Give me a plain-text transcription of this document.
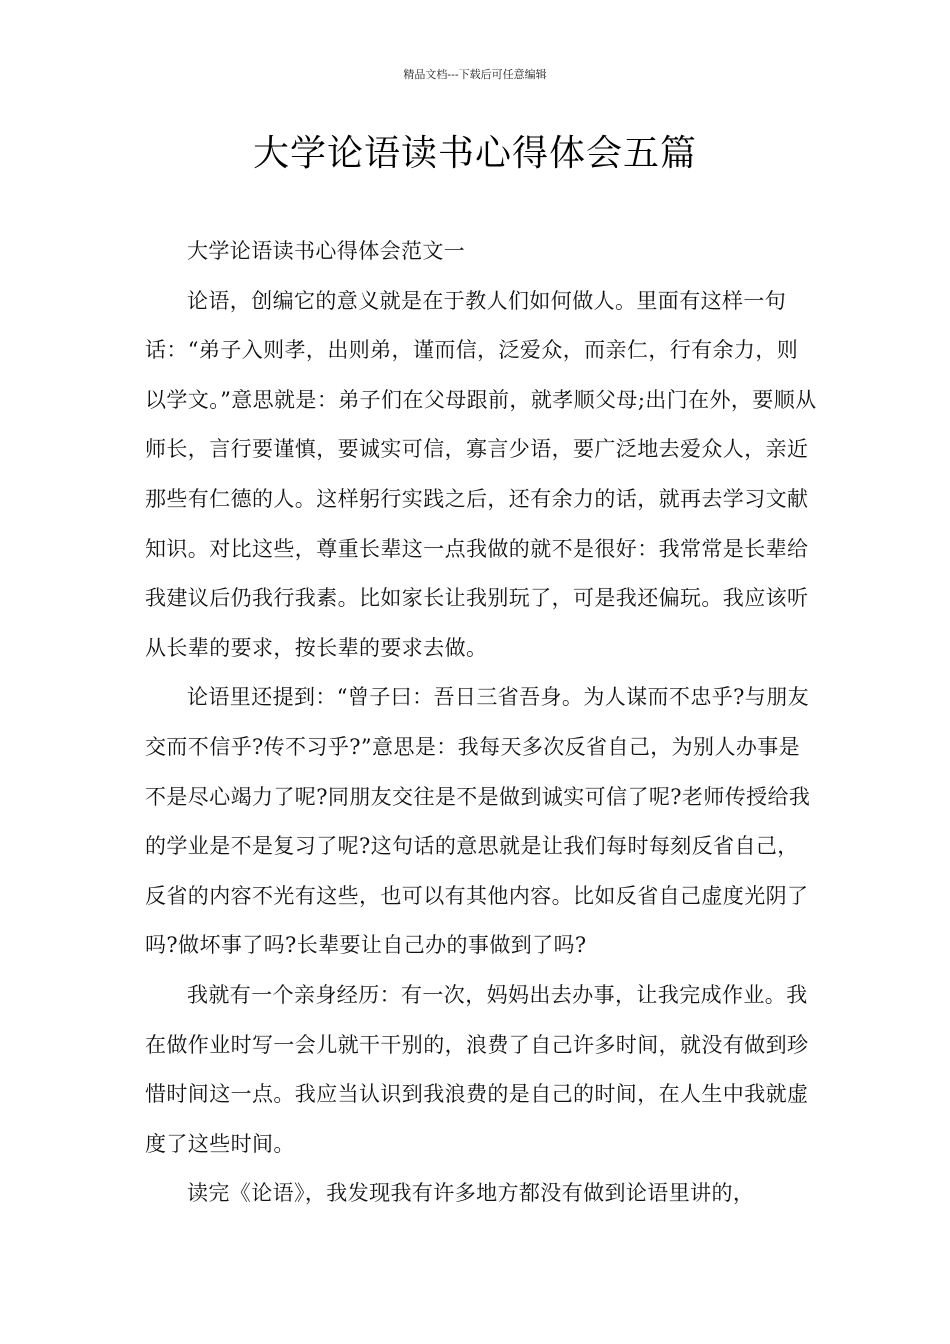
精品文档---下载后可任意编辑
大学论语读书心得体会五篇

大学论语读书心得体会范文一

论语，创编它的意义就是在于教人们如何做人。里面有这样一句话：“弟子入则孝，出则弟，谨而信，泛爱众，而亲仁，行有余力，则以学文。”意思就是：弟子们在父母跟前，就孝顺父母;出门在外，要顺从师长，言行要谨慎，要诚实可信，寡言少语，要广泛地去爱众人，亲近那些有仁德的人。这样躬行实践之后，还有余力的话，就再去学习文献知识。对比这些，尊重长辈这一点我做的就不是很好：我常常是长辈给我建议后仍我行我素。比如家长让我别玩了，可是我还偏玩。我应该听从长辈的要求，按长辈的要求去做。

论语里还提到：“曾子曰：吾日三省吾身。为人谋而不忠乎?与朋友交而不信乎?传不习乎?”意思是：我每天多次反省自己，为别人办事是不是尽心竭力了呢?同朋友交往是不是做到诚实可信了呢?老师传授给我的学业是不是复习了呢?这句话的意思就是让我们每时每刻反省自己，反省的内容不光有这些，也可以有其他内容。比如反省自己虚度光阴了吗?做坏事了吗?长辈要让自己办的事做到了吗?

我就有一个亲身经历：有一次，妈妈出去办事，让我完成作业。我在做作业时写一会儿就干干别的，浪费了自己许多时间，就没有做到珍惜时间这一点。我应当认识到我浪费的是自己的时间，在人生中我就虚度了这些时间。

读完《论语》，我发现我有许多地方都没有做到论语里讲的，
